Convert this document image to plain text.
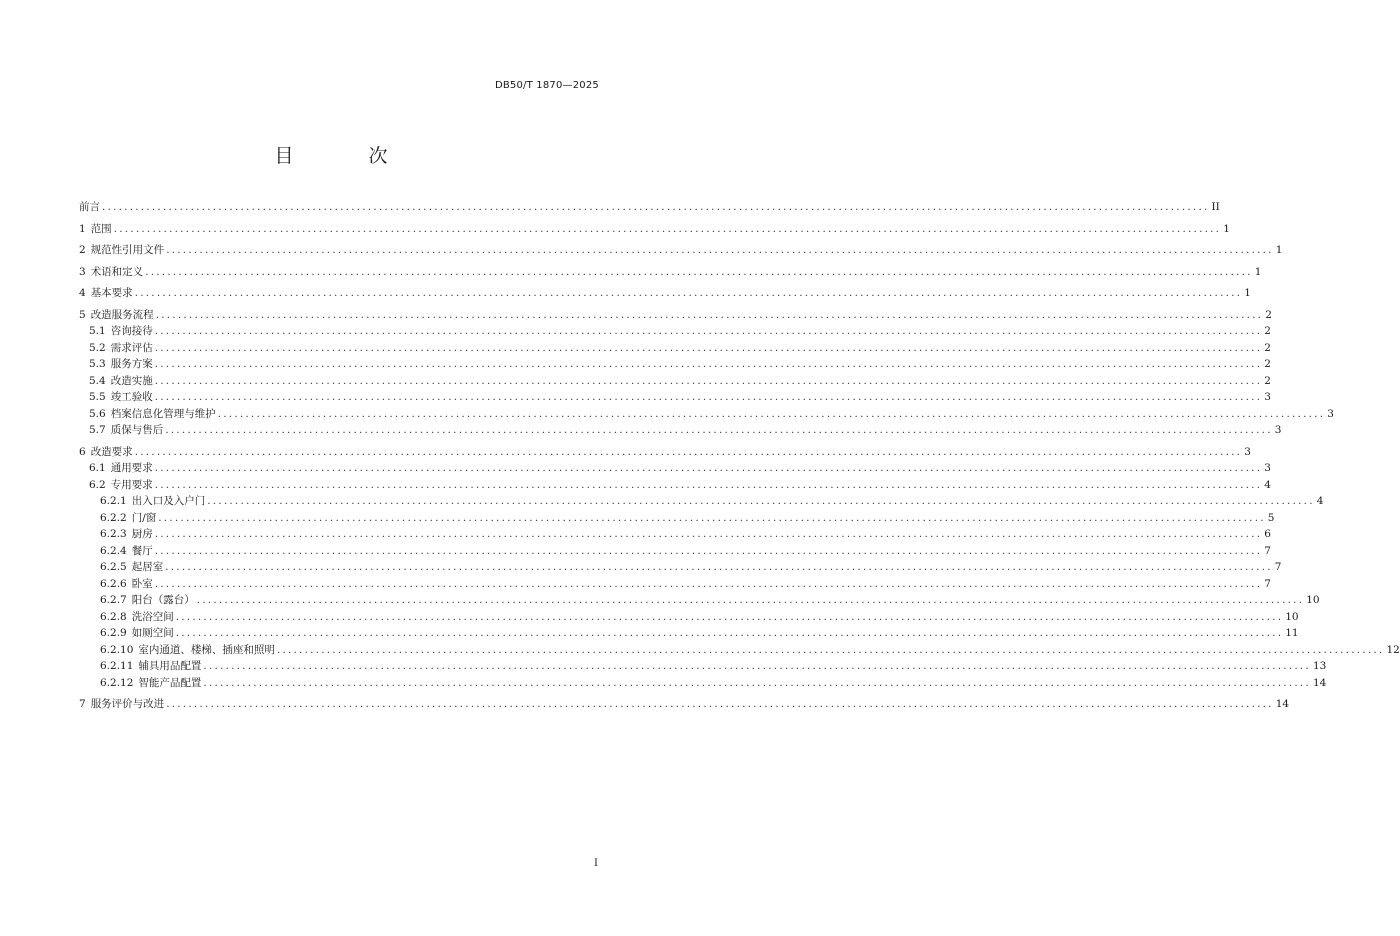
DB50/T 1870—2025
目　次
前言 ........................................................................................................................................................................................................ II
1 范围 ........................................................................................................................................................................................................ 1
2 规范性引用文件 ........................................................................................................................................................................................................ 1
3 术语和定义 ........................................................................................................................................................................................................ 1
4 基本要求 ........................................................................................................................................................................................................ 1
5 改造服务流程 ........................................................................................................................................................................................................ 2
5.1 咨询接待 ........................................................................................................................................................................................................ 2
5.2 需求评估 ........................................................................................................................................................................................................ 2
5.3 服务方案 ........................................................................................................................................................................................................ 2
5.4 改造实施 ........................................................................................................................................................................................................ 2
5.5 竣工验收 ........................................................................................................................................................................................................ 3
5.6 档案信息化管理与维护 ........................................................................................................................................................................................................ 3
5.7 质保与售后 ........................................................................................................................................................................................................ 3
6 改造要求 ........................................................................................................................................................................................................ 3
6.1 通用要求 ........................................................................................................................................................................................................ 3
6.2 专用要求 ........................................................................................................................................................................................................ 4
6.2.1 出入口及入户门 ........................................................................................................................................................................................................ 4
6.2.2 门/窗 ........................................................................................................................................................................................................ 5
6.2.3 厨房 ........................................................................................................................................................................................................ 6
6.2.4 餐厅 ........................................................................................................................................................................................................ 7
6.2.5 起居室 ........................................................................................................................................................................................................ 7
6.2.6 卧室 ........................................................................................................................................................................................................ 7
6.2.7 阳台（露台） ........................................................................................................................................................................................................ 10
6.2.8 洗浴空间 ........................................................................................................................................................................................................ 10
6.2.9 如厕空间 ........................................................................................................................................................................................................ 11
6.2.10 室内通道、楼梯、插座和照明 ........................................................................................................................................................................................................ 12
6.2.11 辅具用品配置 ........................................................................................................................................................................................................ 13
6.2.12 智能产品配置 ........................................................................................................................................................................................................ 14
7 服务评价与改进 ........................................................................................................................................................................................................ 14
I
